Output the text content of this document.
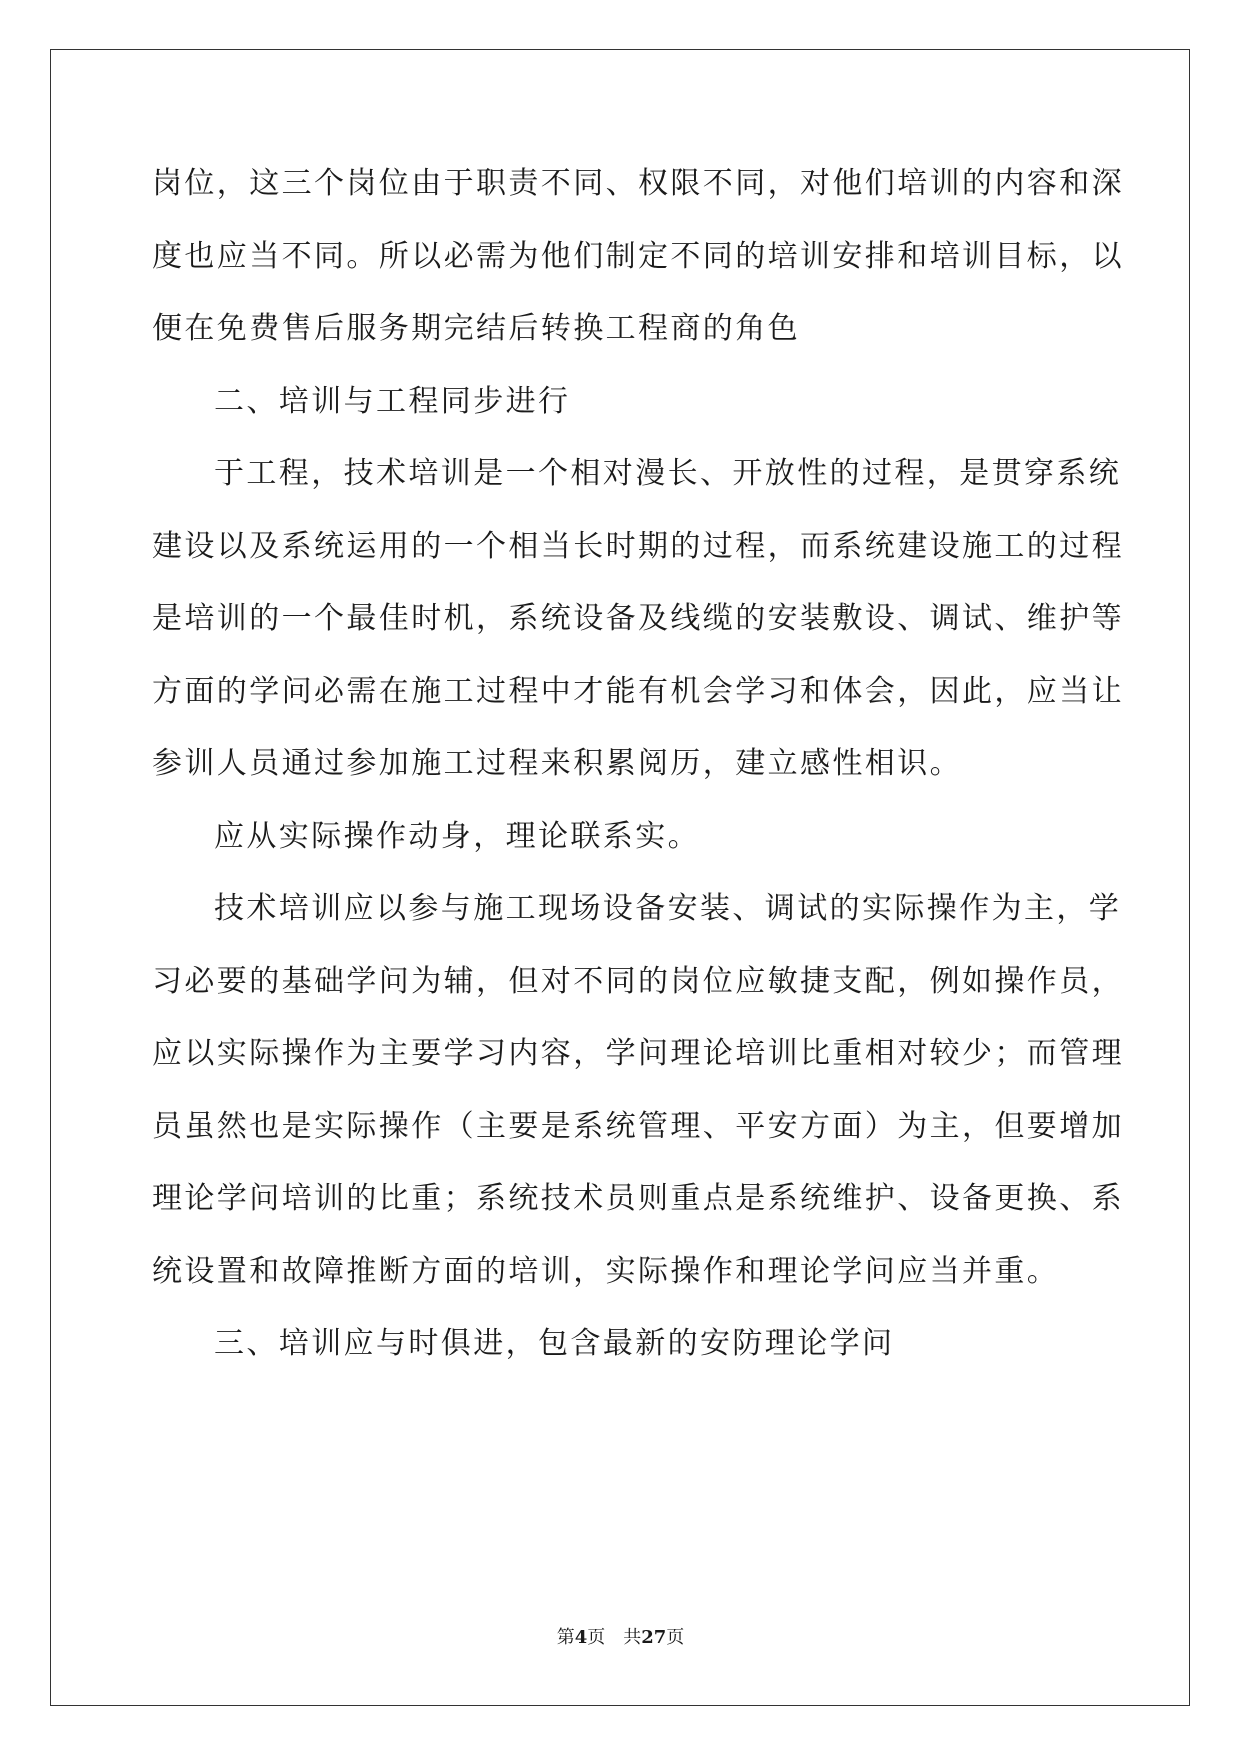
岗位，这三个岗位由于职责不同、权限不同，对他们培训的内容和深
度也应当不同。所以必需为他们制定不同的培训安排和培训目标，以
便在免费售后服务期完结后转换工程商的角色
二、培训与工程同步进行
于工程，技术培训是一个相对漫长、开放性的过程，是贯穿系统
建设以及系统运用的一个相当长时期的过程，而系统建设施工的过程
是培训的一个最佳时机，系统设备及线缆的安装敷设、调试、维护等
方面的学问必需在施工过程中才能有机会学习和体会，因此，应当让
参训人员通过参加施工过程来积累阅历，建立感性相识。
应从实际操作动身，理论联系实。
技术培训应以参与施工现场设备安装、调试的实际操作为主，学
习必要的基础学问为辅，但对不同的岗位应敏捷支配，例如操作员，
应以实际操作为主要学习内容，学问理论培训比重相对较少；而管理
员虽然也是实际操作（主要是系统管理、平安方面）为主，但要增加
理论学问培训的比重；系统技术员则重点是系统维护、设备更换、系
统设置和故障推断方面的培训，实际操作和理论学问应当并重。
三、培训应与时俱进，包含最新的安防理论学问
第4页 共27页
